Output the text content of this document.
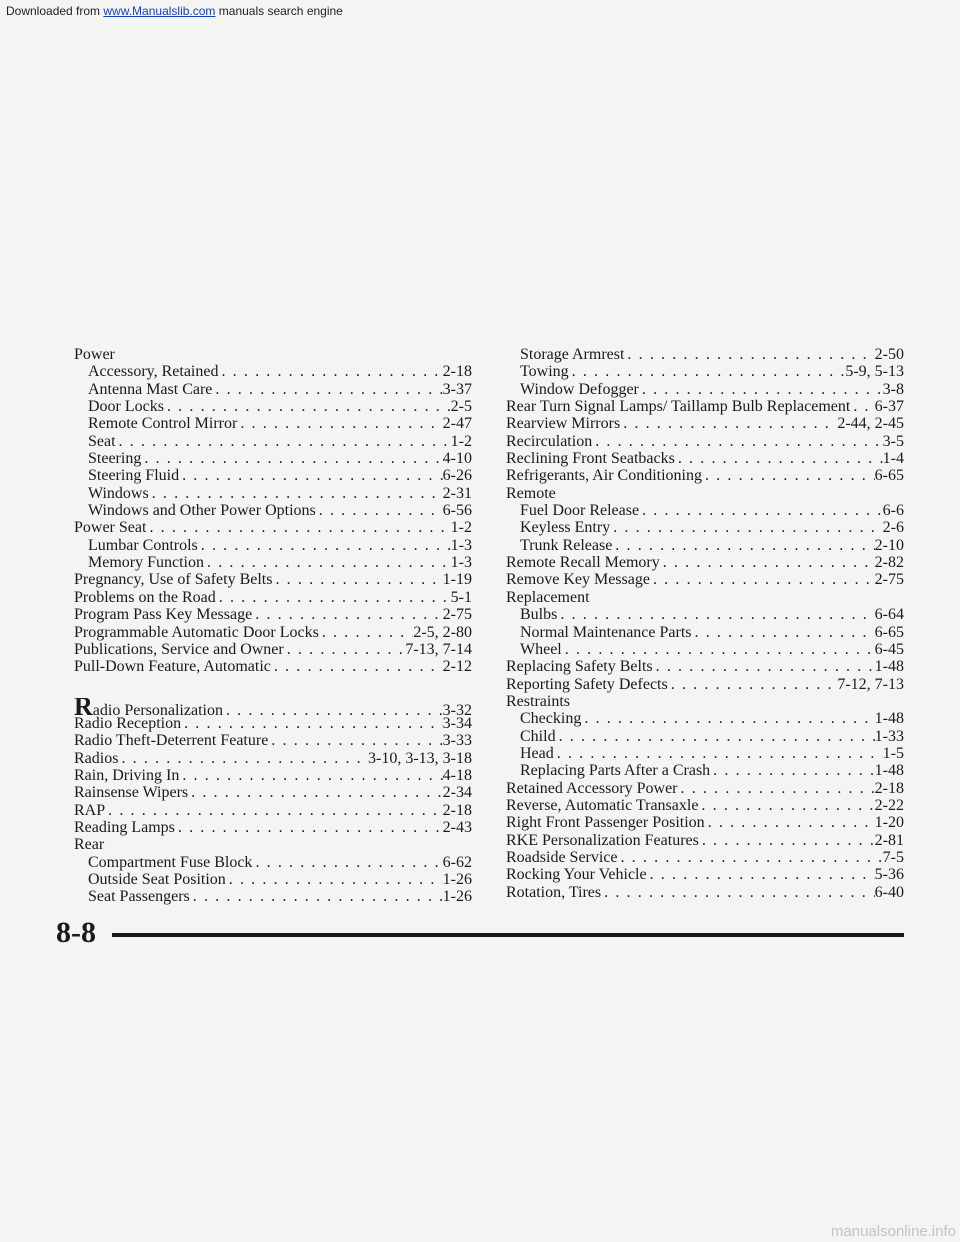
Downloaded from www.Manualslib.com manuals search engine
Power
Accessory, Retained . . .	2-18
Antenna Mast Care . . .	3-37
Door Locks . . .	2-5
Remote Control Mirror . . .	2-47
Seat . . .	1-2
Steering . . .	4-10
Steering Fluid . . .	6-26
Windows . . .	2-31
Windows and Other Power Options . . .	6-56
Power Seat . . .	1-2
Lumbar Controls . . .	1-3
Memory Function . . .	1-3
Pregnancy, Use of Safety Belts . . .	1-19
Problems on the Road . . .	5-1
Program Pass Key Message . . .	2-75
Programmable Automatic Door Locks . . .	2-5, 2-80
Publications, Service and Owner . . .	7-13, 7-14
Pull-Down Feature, Automatic . . .	2-12
Radio Personalization . . .	3-32
Radio Reception . . .	3-34
Radio Theft-Deterrent Feature . . .	3-33
Radios . . .	3-10, 3-13, 3-18
Rain, Driving In . . .	4-18
Rainsense Wipers . . .	2-34
RAP . . .	2-18
Reading Lamps . . .	2-43
Rear
Compartment Fuse Block . . .	6-62
Outside Seat Position . . .	1-26
Seat Passengers . . .	1-26
Storage Armrest . . .	2-50
Towing . . .	5-9, 5-13
Window Defogger . . .	3-8
Rear Turn Signal Lamps/ Taillamp Bulb Replacement . . . 6-37
Rearview Mirrors . . .	2-44, 2-45
Recirculation . . .	3-5
Reclining Front Seatbacks . . .	1-4
Refrigerants, Air Conditioning . . .	6-65
Remote
Fuel Door Release . . .	6-6
Keyless Entry . . .	2-6
Trunk Release . . .	2-10
Remote Recall Memory . . .	2-82
Remove Key Message . . .	2-75
Replacement
Bulbs . . .	6-64
Normal Maintenance Parts . . .	6-65
Wheel . . .	6-45
Replacing Safety Belts . . .	1-48
Reporting Safety Defects . . .	7-12, 7-13
Restraints
Checking . . .	1-48
Child . . .	1-33
Head . . .	1-5
Replacing Parts After a Crash . . .	1-48
Retained Accessory Power . . .	2-18
Reverse, Automatic Transaxle . . .	2-22
Right Front Passenger Position . . .	1-20
RKE Personalization Features . . .	2-81
Roadside Service . . .	7-5
Rocking Your Vehicle . . .	5-36
Rotation, Tires . . .	6-40
8-8
manualsonline.info
